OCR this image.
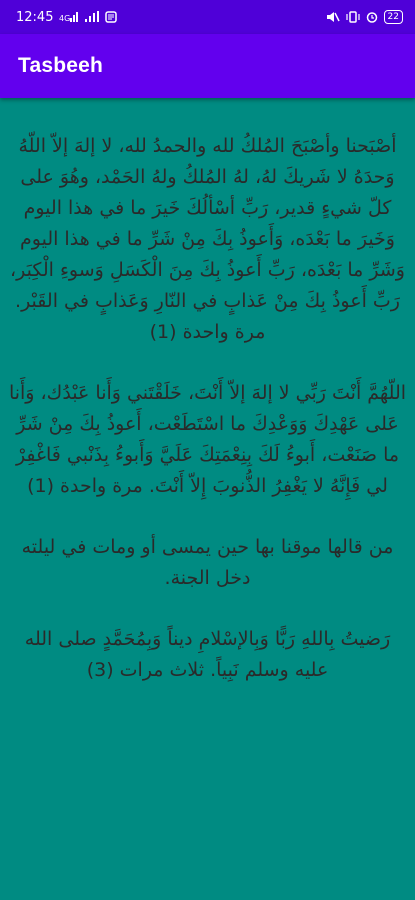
12:45 4G	22
Tasbeeh

أصْبَحنا وأصْبَحَ المُلكُ لله والحمدُ لله، لا إلهَ إلاّ اللّهُ وَحدَهُ لا شَريكَ لهُ، لهُ المُلكُ ولهُ الحَمْد، وهُوَ على كلّ شيءٍ قدير، رَبِّ أسْألُكَ خَيرَ ما في هذا اليوم وَخَيرَ ما بَعْدَه، وَأَعوذُ بِكَ مِنْ شَرِّ ما في هذا اليوم وَشَرِّ ما بَعْدَه، رَبِّ أَعوذُ بِكَ مِنَ الْكَسَلِ وَسوءِ الْكِبَر، رَبِّ أَعوذُ بِكَ مِنْ عَذابٍ في النّارِ وَعَذابٍ في القَبْر. مرة واحدة (1)

اللّهُمَّ أَنْتَ رَبِّي لا إلهَ إلاّ أَنْتَ، خَلَقْتَني وَأَنا عَبْدُك، وَأَنا عَلى عَهْدِكَ وَوَعْدِكَ ما اسْتَطَعْت، أَعوذُ بِكَ مِنْ شَرِّ ما صَنَعْت، أَبوءُ لَكَ بِنِعْمَتِكَ عَلَيَّ وَأَبوءُ بِذَنْبي فَاغْفِرْ لي فَإِنَّهُ لا يَغْفِرُ الذُّنوبَ إِلاّ أَنْتَ. مرة واحدة (1)

من قالها موقنا بها حين يمسى أو ومات في ليلته دخل الجنة.

رَضيتُ بِاللهِ رَبًّا وَبِالإسْلامِ ديناً وَبِمُحَمَّدٍ صلى الله عليه وسلم نَبِياً. ثلاث مرات (3)
